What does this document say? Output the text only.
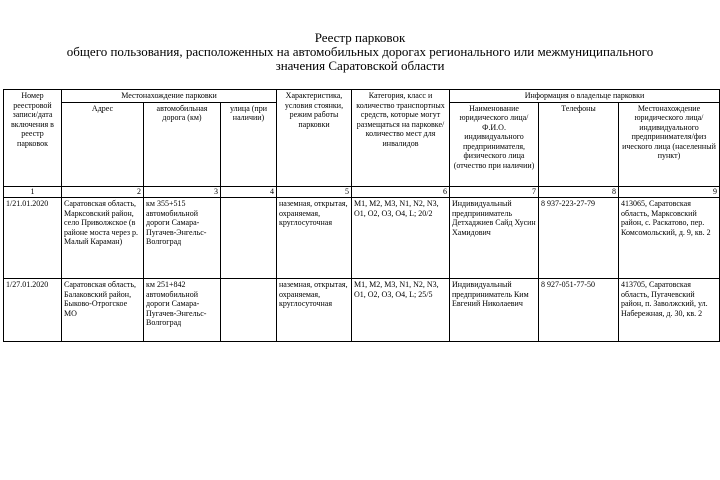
Реестр парковок
общего пользования, расположенных на автомобильных дорогах регионального или межмуниципального
значения Саратовской области
Номер реестровой записи/дата включения в реестр парковок	Местонахождение парковки			Характеристика, условия стоянки, режим работы парковки	Категория, класс и количество транспортных средств, которые могут размещаться на парковке/количество мест для инвалидов	Информация о владельце парковки		
	Адрес	автомобильная дорога (км)	улица (при наличии)			Наименование юридического лица/Ф.И.О. индивидуального предпринимателя, физического лица (отчество при наличии)	Телефоны	Местонахождение юридического лица/ индивидуального предпринимателя/физ ического лица (населенный пункт)
1	2	3	4	5	6	7	8	9
1/21.01.2020	Саратовская область, Марксовский район, село Приволжское (в районе моста через р. Малый Караман)	км 355+515 автомобильной дороги Самара-Пугачев-Энгельс-Волгоград		наземная, открытая, охраняемая, круглосуточная	М1, М2, М3, N1, N2, N3, О1, О2, О3, О4, L; 20/2	Индивидуальный предприниматель Детхаджиев Сайд Хусин Хамидович	8 937-223-27-79	413065, Саратовская область, Марксовский район, с. Раскатово, пер. Комсомольский, д. 9, кв. 2
1/27.01.2020	Саратовская область, Балаковский район, Быково-Отрогское МО	км 251+842 автомобильной дороги Самара-Пугачев-Энгельс-Волгоград		наземная, открытая, охраняемая, круглосуточная	М1, М2, М3, N1, N2, N3, О1, О2, О3, О4, L; 25/5	Индивидуальный предприниматель Ким Евгений Николаевич	8 927-051-77-50	413705, Саратовская область, Пугачевский район, п. Заволжский, ул. Набережная, д. 30, кв. 2
